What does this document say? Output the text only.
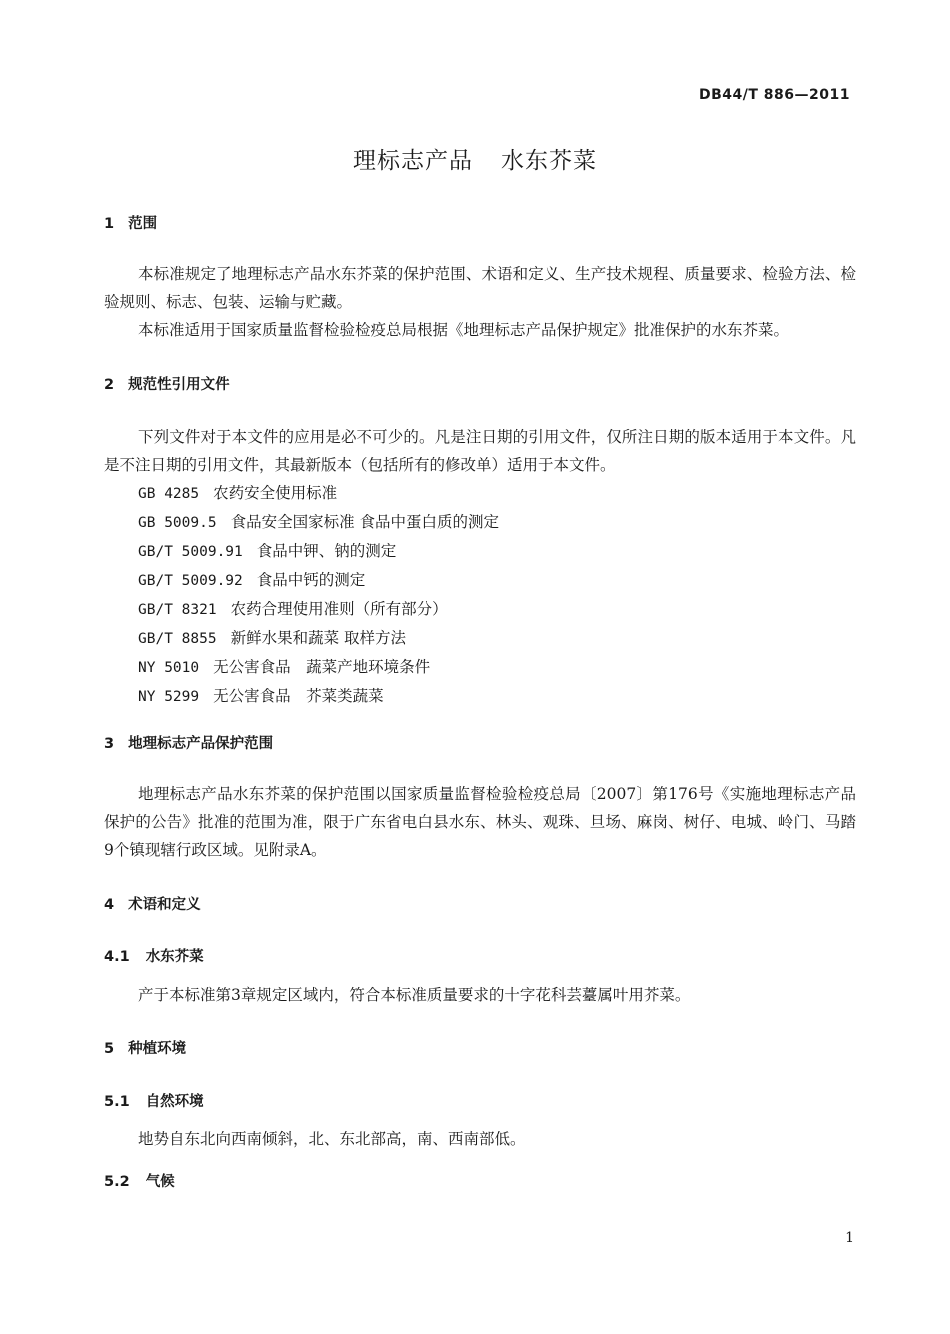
DB44/T 886—2011
理标志产品 水东芥菜
1 范围
本标准规定了地理标志产品水东芥菜的保护范围、术语和定义、生产技术规程、质量要求、检验方法、检验规则、标志、包装、运输与贮藏。
本标准适用于国家质量监督检验检疫总局根据《地理标志产品保护规定》批准保护的水东芥菜。
2 规范性引用文件
下列文件对于本文件的应用是必不可少的。凡是注日期的引用文件，仅所注日期的版本适用于本文件。凡是不注日期的引用文件，其最新版本（包括所有的修改单）适用于本文件。
GB 4285 农药安全使用标准
GB 5009.5 食品安全国家标准 食品中蛋白质的测定
GB/T 5009.91 食品中钾、钠的测定
GB/T 5009.92 食品中钙的测定
GB/T 8321 农药合理使用准则（所有部分）
GB/T 8855 新鲜水果和蔬菜 取样方法
NY 5010 无公害食品　蔬菜产地环境条件
NY 5299 无公害食品　芥菜类蔬菜
3 地理标志产品保护范围
地理标志产品水东芥菜的保护范围以国家质量监督检验检疫总局〔2007〕第176号《实施地理标志产品保护的公告》批准的范围为准，限于广东省电白县水东、林头、观珠、旦场、麻岗、树仔、电城、岭门、马踏9个镇现辖行政区域。见附录A。
4 术语和定义
4.1 水东芥菜
产于本标准第3章规定区域内，符合本标准质量要求的十字花科芸薹属叶用芥菜。
5 种植环境
5.1 自然环境
地势自东北向西南倾斜，北、东北部高，南、西南部低。
5.2 气候
1
